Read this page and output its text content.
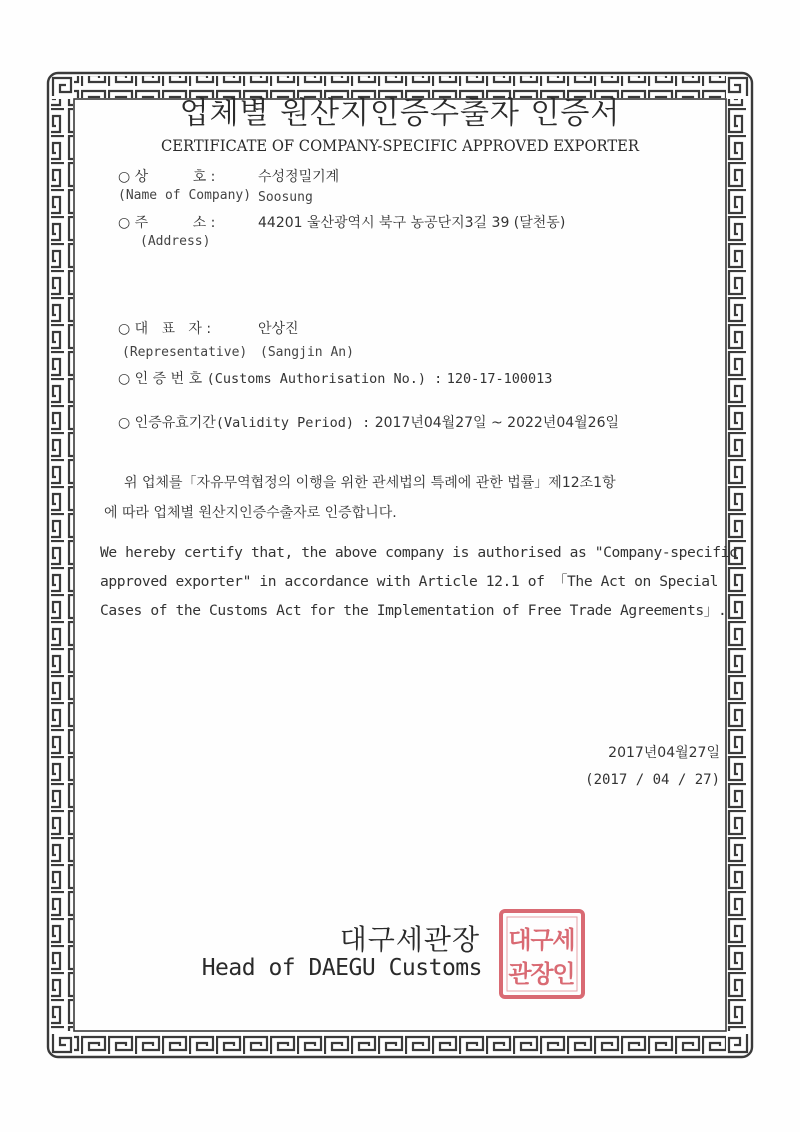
업체별 원산지인증수출자 인증서
CERTIFICATE OF COMPANY-SPECIFIC APPROVED EXPORTER
○ 상          호 :	수성정밀기계
(Name of Company) Soosung
○ 주          소 :	44201 울산광역시 북구 농공단지3길 39 (달천동)
(Address)
○ 대   표   자 :	안상진
(Representative) (Sangjin An)
○ 인 증 번 호 (Customs Authorisation No.) : 120-17-100013
○ 인증유효기간(Validity Period) : 2017년04월27일 ~ 2022년04월26일
위 업체를「자유무역협정의 이행을 위한 관세법의 특례에 관한 법률」제12조1항
에 따라 업체별 원산지인증수출자로 인증합니다.
We hereby certify that, the above company is authorised as "Company-specific
approved exporter" in accordance with Article 12.1 of 「The Act on Special
Cases of the Customs Act for the Implementation of Free Trade Agreements」.
2017년04월27일
(2017 / 04 / 27)
대구세관장
Head of DAEGU Customs
대
구
세
관
장
인
